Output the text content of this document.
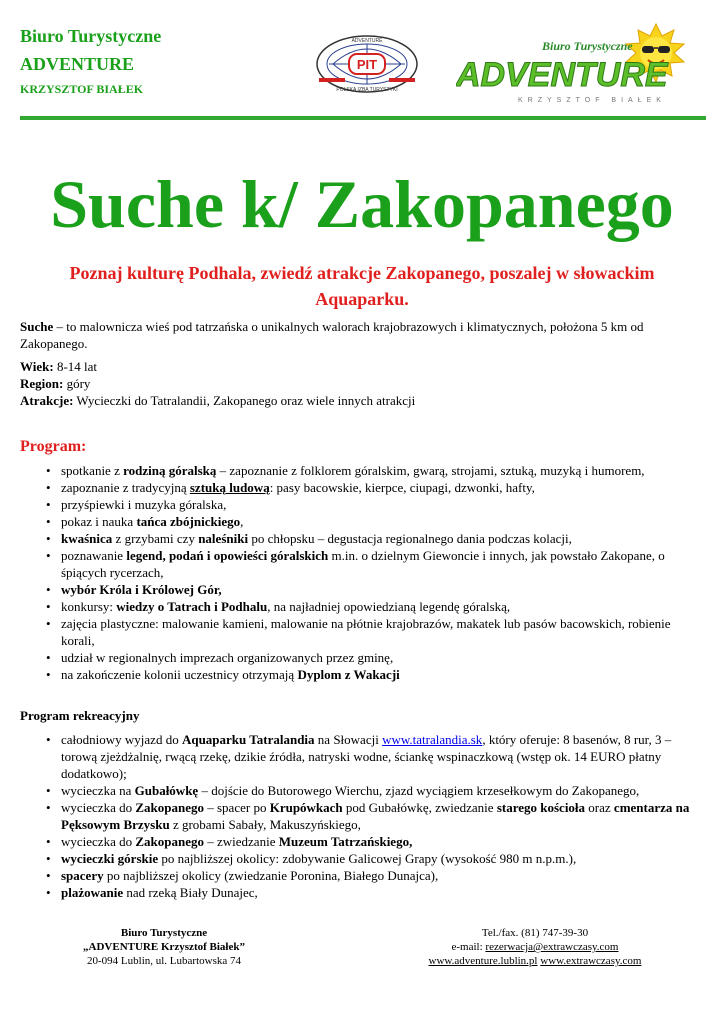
Biuro Turystyczne
ADVENTURE
KRZYSZTOF BIAŁEK
PIT
ADVENTURE
POLSKA IZBA TURYSTYKI
Biuro Turystyczne
ADVENTURE
KRZYSZTOF BIAŁEK
Suche k/ Zakopanego
Poznaj kulturę Podhala, zwiedź atrakcje Zakopanego, poszalej w słowackim Aquaparku.
Suche – to malownicza wieś pod tatrzańska o unikalnych walorach krajobrazowych i klimatycznych, położona 5 km od Zakopanego.
Wiek: 8-14 lat
Region: góry
Atrakcje: Wycieczki do Tatralandii, Zakopanego oraz wiele innych atrakcji
Program:
• spotkanie z rodziną góralską – zapoznanie z folklorem góralskim, gwarą, strojami, sztuką, muzyką i humorem,
• zapoznanie z tradycyjną sztuką ludową: pasy bacowskie, kierpce, ciupagi, dzwonki, hafty,
• przyśpiewki i muzyka góralska,
• pokaz i nauka tańca zbójnickiego,
• kwaśnica z grzybami czy naleśniki po chłopsku – degustacja regionalnego dania podczas kolacji,
• poznawanie legend, podań i opowieści góralskich m.in. o dzielnym Giewoncie i innych, jak powstało Zakopane, o śpiących rycerzach,
• wybór Króla i Królowej Gór,
• konkursy: wiedzy o Tatrach i Podhalu, na najładniej opowiedzianą legendę góralską,
• zajęcia plastyczne: malowanie kamieni, malowanie na płótnie krajobrazów, makatek lub pasów bacowskich, robienie korali,
• udział w regionalnych imprezach organizowanych przez gminę,
• na zakończenie kolonii uczestnicy otrzymają Dyplom z Wakacji
Program rekreacyjny
• całodniowy wyjazd do Aquaparku Tatralandia na Słowacji www.tatralandia.sk, który oferuje: 8 basenów, 8 rur, 3 – torową zjeżdżalnię, rwącą rzekę, dzikie źródła, natryski wodne, ściankę wspinaczkową (wstęp ok. 14 EURO płatny dodatkowo);
• wycieczka na Gubałówkę – dojście do Butorowego Wierchu, zjazd wyciągiem krzesełkowym do Zakopanego,
• wycieczka do Zakopanego – spacer po Krupówkach pod Gubałówkę, zwiedzanie starego kościoła oraz cmentarza na Pęksowym Brzysku z grobami Sabały, Makuszyńskiego,
• wycieczka do Zakopanego – zwiedzanie Muzeum Tatrzańskiego,
• wycieczki górskie po najbliższej okolicy: zdobywanie Galicowej Grapy (wysokość 980 m n.p.m.),
• spacery po najbliższej okolicy (zwiedzanie Poronina, Białego Dunajca),
• plażowanie nad rzeką Biały Dunajec,
Biuro Turystyczne
„ADVENTURE Krzysztof Białek”
20-094 Lublin, ul. Lubartowska 74
Tel./fax. (81) 747-39-30
e-mail: rezerwacja@extrawczasy.com
www.adventure.lublin.pl www.extrawczasy.com
